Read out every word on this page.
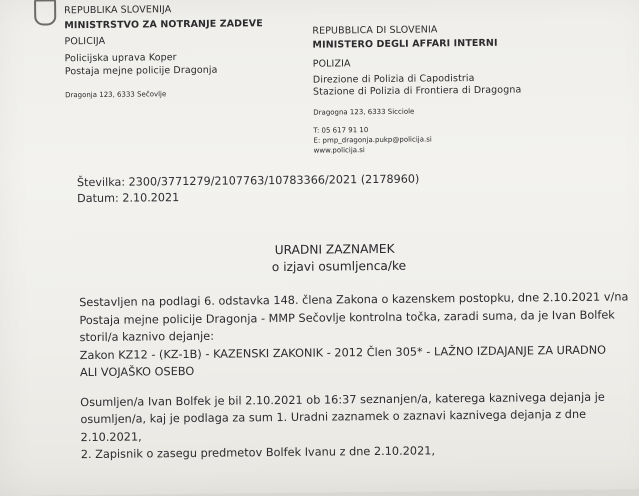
REPUBLIKA SLOVENIJA
MINISTRSTVO ZA NOTRANJE ZADEVE
POLICIJA
Policijska uprava Koper
Postaja mejne policije Dragonja
Dragonja 123, 6333 Sečovlje
REPUBBLICA DI SLOVENIA
MINISTERO DEGLI AFFARI INTERNI
POLIZIA
Direzione di Polizia di Capodistria
Stazione di Polizia di Frontiera di Dragogna
Dragogna 123, 6333 Sicciole
T: 05 617 91 10
E: pmp_dragonja.pukp@policija.si
www.policija.si
Številka: 2300/3771279/2107763/10783366/2021 (2178960)
Datum: 2.10.2021
URADNI ZAZNAMEK
o izjavi osumljenca/ke
Sestavljen na podlagi 6. odstavka 148. člena Zakona o kazenskem postopku, dne 2.10.2021 v/na
Postaja mejne policije Dragonja - MMP Sečovlje kontrolna točka, zaradi suma, da je Ivan Bolfek
storil/a kaznivo dejanje:
Zakon KZ12 - (KZ-1B) - KAZENSKI ZAKONIK - 2012 Člen 305* - LAŽNO IZDAJANJE ZA URADNO
ALI VOJAŠKO OSEBO
Osumljen/a Ivan Bolfek je bil 2.10.2021 ob 16:37 seznanjen/a, katerega kaznivega dejanja je
osumljen/a, kaj je podlaga za sum 1. Uradni zaznamek o zaznavi kaznivega dejanja z dne
2.10.2021,
2. Zapisnik o zasegu predmetov Bolfek Ivanu z dne 2.10.2021,
